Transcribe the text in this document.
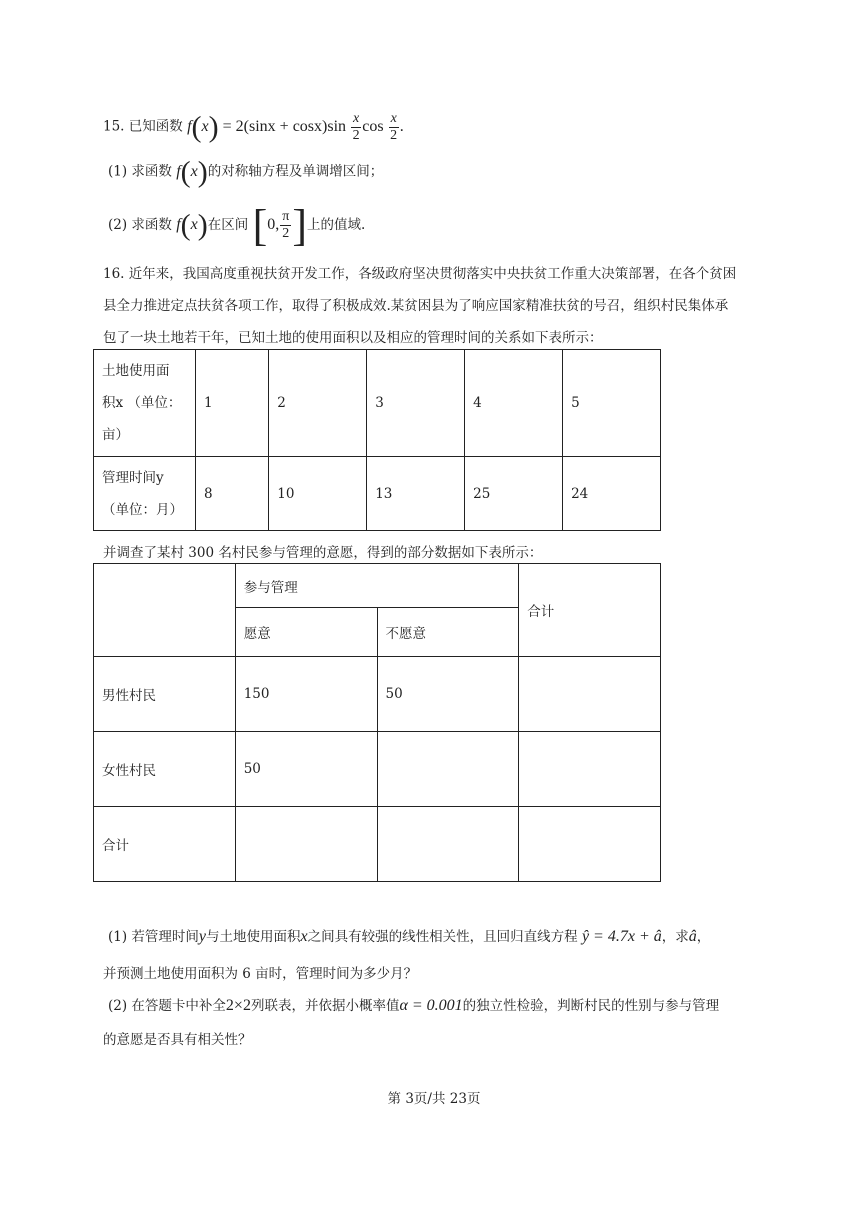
15. 已知函数 $f(x) = 2(\sin x + \cos x)\sin \frac{x}{2}$ $\cos \frac{x}{2}$ .
(1) 求函数 f(x)的对称轴方程及单调增区间；
(2) 求函数 f(x)在区间 [0, $\frac{\pi}{2}$ ]上的值域.
16. 近年来，我国高度重视扶贫开发工作，各级政府坚决贯彻落实中央扶贫工作重大决策部署，在各个贫困
县全力推进定点扶贫各项工作，取得了积极成效.某贫困县为了响应国家精准扶贫的号召，组织村民集体承
包了一块土地若干年，已知土地的使用面积以及相应的管理时间的关系如下表所示：
土地使用面
积x （单位：
亩）	1	2	3	4	5

管理时间y
（单位：月）	8	10	13	25	24
并调查了某村 300 名村民参与管理的意愿，得到的部分数据如下表所示：
	参与管理		合计
	愿意	不愿意	
男性村民	150	50	
女性村民	50		
合计			
(1) 若管理时间y与土地使用面积x之间具有较强的线性相关性，且回归直线方程 ŷ = 4.7x + â，求â，
并预测土地使用面积为 6 亩时，管理时间为多少月？
(2) 在答题卡中补全2×2列联表，并依据小概率值α = 0.001的独立性检验，判断村民的性别与参与管理
的意愿是否具有相关性？
第 3页/共 23页
